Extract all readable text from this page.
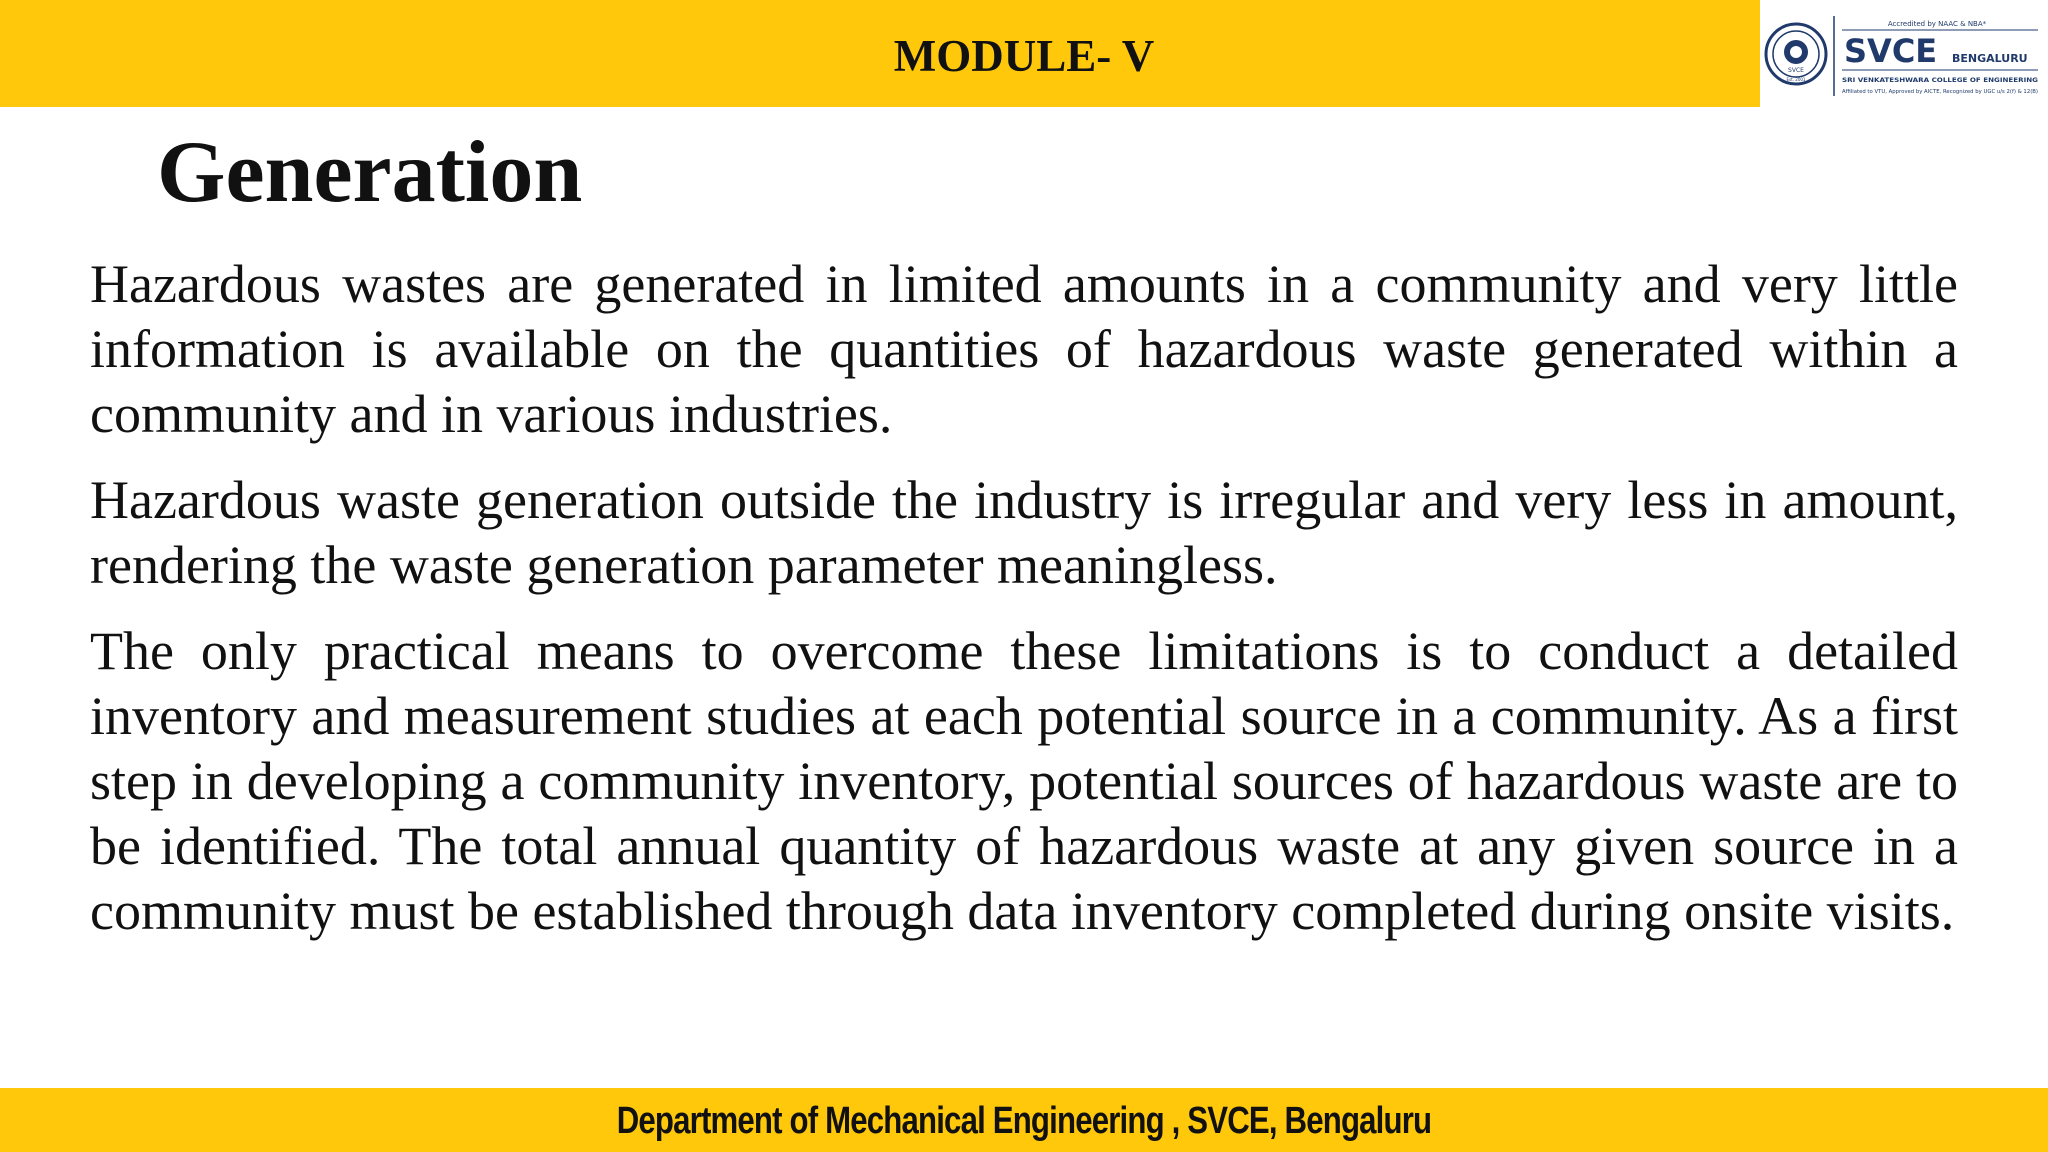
MODULE- V	SVCE
Est. 2001
Accredited by NAAC & NBA*
SVCE BENGALURU
SRI VENKATESHWARA COLLEGE OF ENGINEERING
Affiliated to VTU, Approved by AICTE, Recognized by UGC u/s 2(f) & 12(B)
Generation

Hazardous wastes are generated in limited amounts in a community and very little information is available on the quantities of hazardous waste generated within a community and in various industries.

Hazardous waste generation outside the industry is irregular and very less in amount, rendering the waste generation parameter meaningless.

The only practical means to overcome these limitations is to conduct a detailed inventory and measurement studies at each potential source in a community. As a first step in developing a community inventory, potential sources of hazardous waste are to be identified. The total annual quantity of hazardous waste at any given source in a community must be established through data inventory completed during onsite visits.

Department of Mechanical Engineering , SVCE, Bengaluru
